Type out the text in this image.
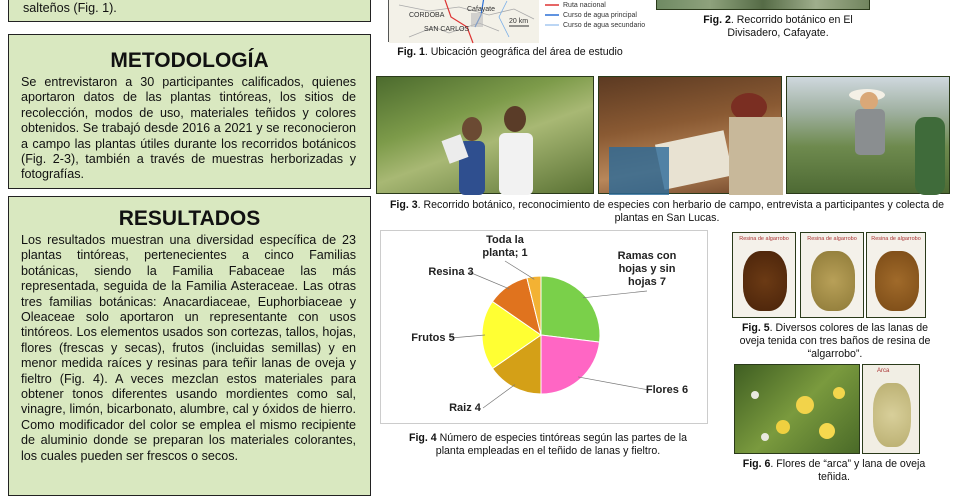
salteños (Fig. 1).

METODOLOGÍA

Se entrevistaron a 30 participantes calificados, quienes aportaron datos de las plantas tintóreas, los sitios de recolección, modos de uso, materiales teñidos y colores obtenidos. Se trabajó desde 2016 a 2021 y se reconocieron a campo las plantas útiles durante los recorridos botánicos (Fig. 2-3), también a través de muestras herborizadas y fotografías.

RESULTADOS

Los resultados muestran una diversidad específica de 23 plantas tintóreas, pertenecientes a cinco Familias botánicas, siendo la Familia Fabaceae las más representada, seguida de la Familia Asteraceae. Las otras tres familias botánicas: Anacardiaceae, Euphorbiaceae y Oleaceae solo aportaron un representante con usos tintóreos. Los elementos usados son cortezas, tallos, hojas, flores (frescas y secas), frutos (incluidas semillas) y en menor medida raíces y resinas para teñir lanas de oveja y fieltro (Fig. 4). A veces mezclan estos materiales para obtener tonos diferentes usando mordientes como sal, vinagre, limón, bicarbonato, alumbre, cal y óxidos de hierro. Como modificador del color se emplea el mismo recipiente de aluminio donde se preparan los materiales colorantes, los cuales pueden ser frescos o secos.

CORDOBA
SAN CARLOS
Cafayate
20 km
Ruta nacional
Curso de agua principal
Curso de agua secundario
Fig. 1. Ubicación geográfica del área de estudio
Fig. 2. Recorrido botánico en El Divisadero, Cafayate.
Fig. 3. Recorrido botánico, reconocimiento de especies con herbario de campo, entrevista a participantes y colecta de plantas en San Lucas.
Ramas con hojas y sin hojas 7
Flores 6
Raiz 4
Frutos 5
Resina 3
Toda la planta; 1
Fig. 4 Número de especies tintóreas según las partes de la planta empleadas en el teñido de lanas y fieltro.
Resina de algarrobo	Resina de algarrobo	Resina de algarrobo
Fig. 5. Diversos colores de las lanas de oveja tenida con tres baños de resina de “algarrobo”.
Arca
Fig. 6. Flores de “arca” y lana de oveja teñida.
